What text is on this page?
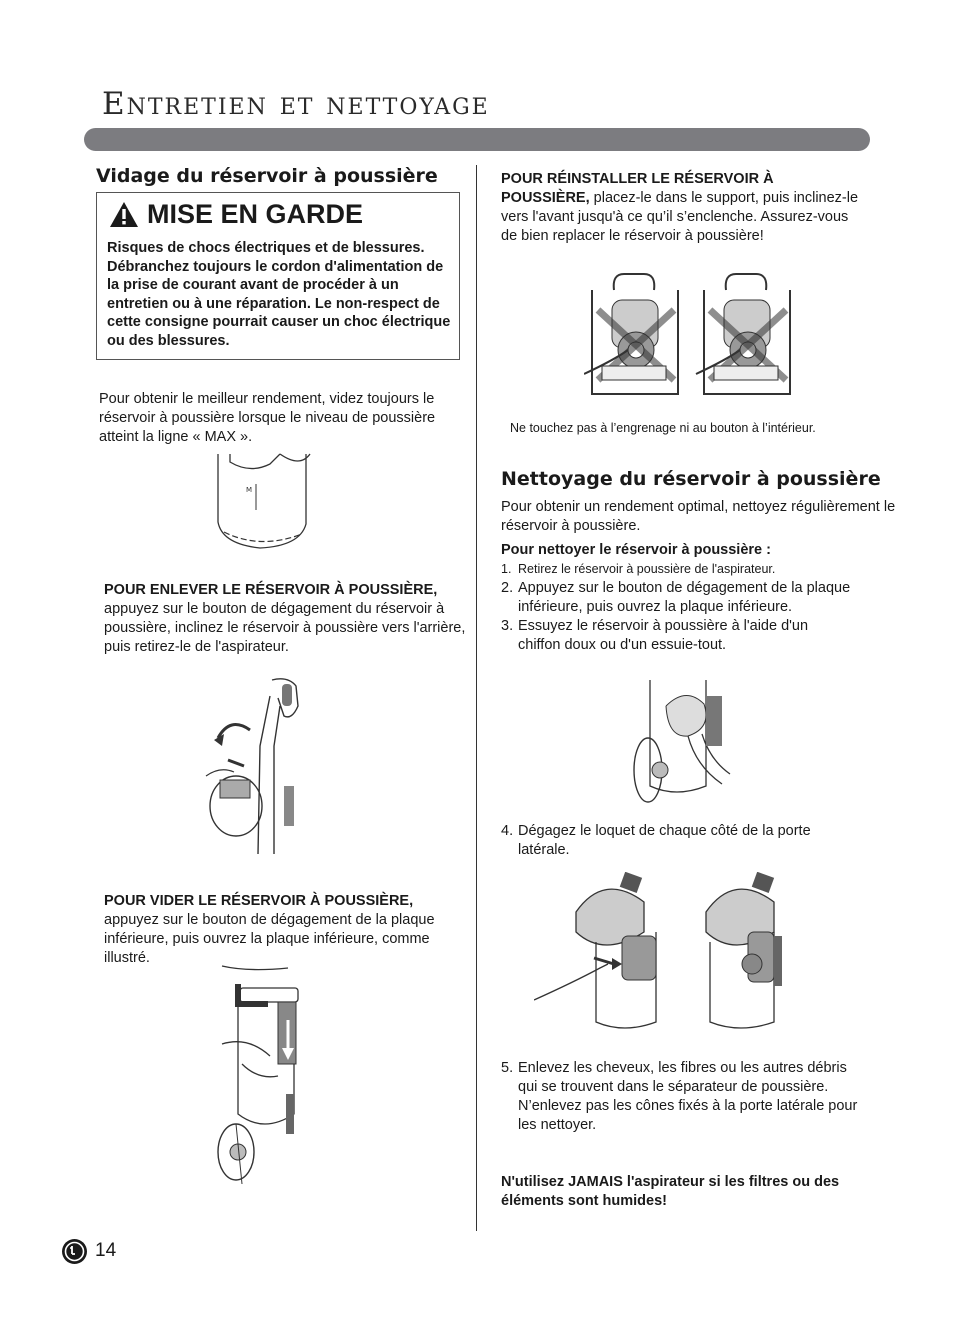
Entretien et nettoyage
Vidage du réservoir à poussière
MISE EN GARDE
Risques de chocs électriques et de blessures. Débranchez toujours le cordon d'alimentation de la prise de courant avant de procéder à un entretien ou à une réparation. Le non-respect de cette consigne pourrait causer un choc électrique ou des blessures.
Pour obtenir le meilleur rendement, videz toujours le réservoir à poussière lorsque le niveau de poussière atteint la ligne « MAX ».
M
POUR ENLEVER LE RÉSERVOIR À POUSSIÈRE, appuyez sur le bouton de dégagement du réservoir à poussière, inclinez le réservoir à poussière vers l'arrière, puis retirez-le de l'aspirateur.
POUR VIDER LE RÉSERVOIR À POUSSIÈRE, appuyez sur le bouton de dégagement de la plaque inférieure, puis ouvrez la plaque inférieure, comme illustré.
POUR RÉINSTALLER LE RÉSERVOIR À POUSSIÈRE, placez-le dans le support, puis inclinez-le vers l'avant jusqu'à ce qu’il s’enclenche. Assurez-vous de bien replacer le réservoir à poussière!
Ne touchez pas à l’engrenage ni au bouton à l’intérieur.
Nettoyage du réservoir à poussière
Pour obtenir un rendement optimal, nettoyez régulièrement le réservoir à poussière.
Pour nettoyer le réservoir à poussière :
1. Retirez le réservoir à poussière de l'aspirateur.
2. Appuyez sur le bouton de dégagement de la plaque inférieure, puis ouvrez la plaque inférieure.
3. Essuyez le réservoir à poussière à l'aide d'un chiffon doux ou d'un essuie-tout.
4. Dégagez le loquet de chaque côté de la porte latérale.
5. Enlevez les cheveux, les fibres ou les autres débris qui se trouvent dans le séparateur de poussière.
N’enlevez pas les cônes fixés à la porte latérale pour les nettoyer.
N'utilisez JAMAIS l'aspirateur si les filtres ou des éléments sont humides!
14
